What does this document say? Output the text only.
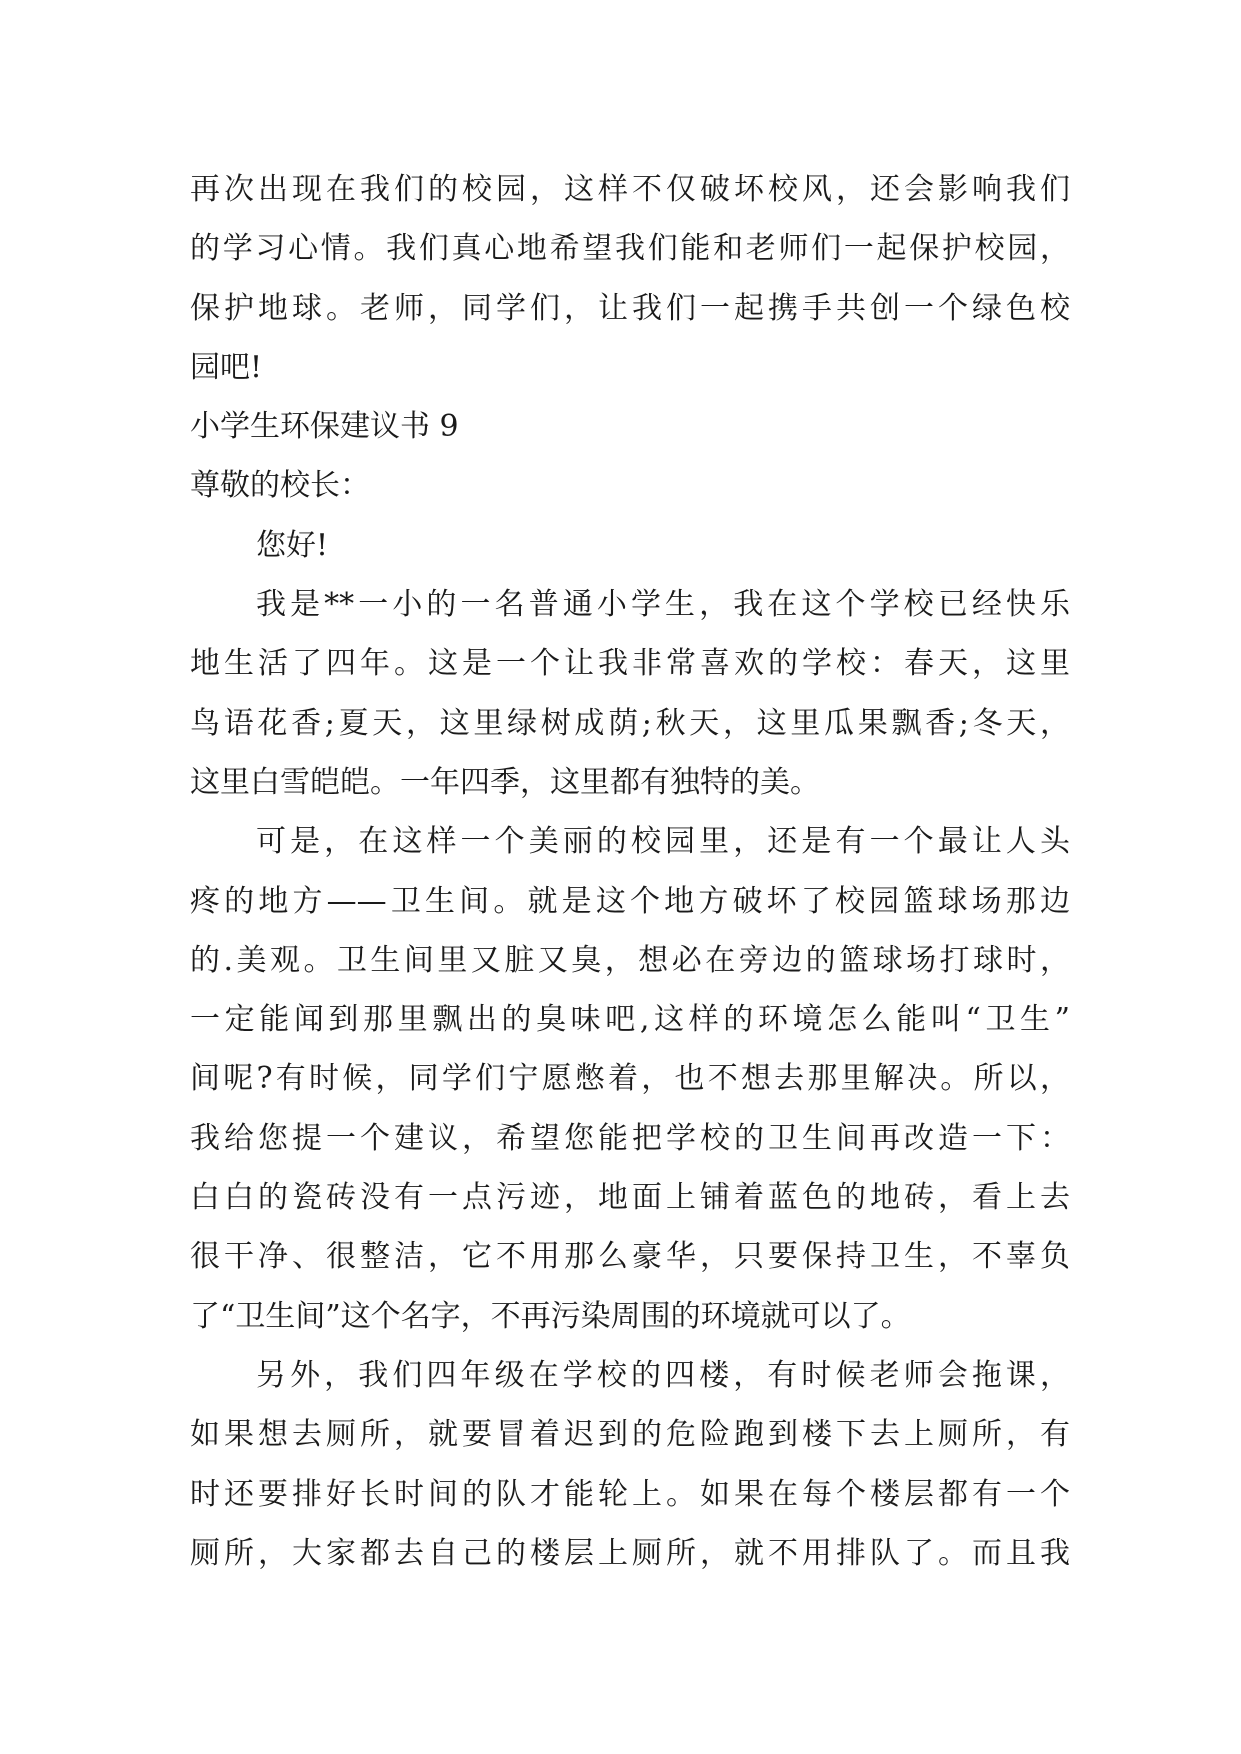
再次出现在我们的校园，这样不仅破坏校风，还会影响我们
的学习心情。我们真心地希望我们能和老师们一起保护校园，
保护地球。老师，同学们，让我们一起携手共创一个绿色校
园吧!
小学生环保建议书 9
尊敬的校长：
您好!
我是**一小的一名普通小学生，我在这个学校已经快乐
地生活了四年。这是一个让我非常喜欢的学校：春天，这里
鸟语花香;夏天，这里绿树成荫;秋天，这里瓜果飘香;冬天，
这里白雪皑皑。一年四季，这里都有独特的美。
可是，在这样一个美丽的校园里，还是有一个最让人头
疼的地方——卫生间。就是这个地方破坏了校园篮球场那边
的.美观。卫生间里又脏又臭，想必在旁边的篮球场打球时，
一定能闻到那里飘出的臭味吧,这样的环境怎么能叫“卫生”
间呢?有时候，同学们宁愿憋着，也不想去那里解决。所以，
我给您提一个建议，希望您能把学校的卫生间再改造一下：
白白的瓷砖没有一点污迹，地面上铺着蓝色的地砖，看上去
很干净、很整洁，它不用那么豪华，只要保持卫生，不辜负
了“卫生间”这个名字，不再污染周围的环境就可以了。
另外，我们四年级在学校的四楼，有时候老师会拖课，
如果想去厕所，就要冒着迟到的危险跑到楼下去上厕所，有
时还要排好长时间的队才能轮上。如果在每个楼层都有一个
厕所，大家都去自己的楼层上厕所，就不用排队了。而且我
